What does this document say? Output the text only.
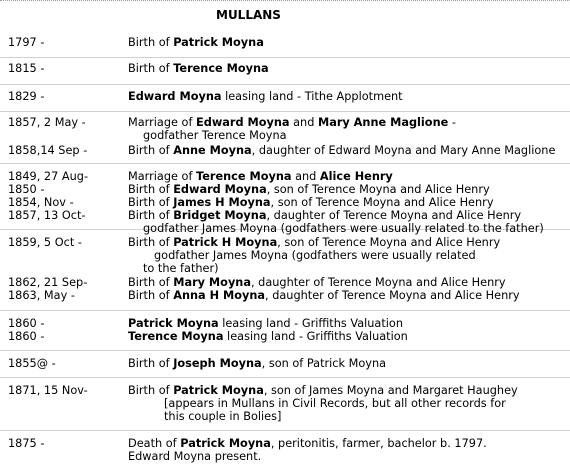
MULLANS
1797 -	Birth of Patrick Moyna
1815 -	Birth of Terence Moyna
1829 -	Edward Moyna leasing land - Tithe Applotment
1857, 2 May -	Marriage of Edward Moyna and Mary Anne Maglione -
godfather Terence Moyna
1858,14 Sep -	Birth of Anne Moyna, daughter of Edward Moyna and Mary Anne Maglione
1849, 27 Aug-	Marriage of Terence Moyna and Alice Henry
1850 -	Birth of Edward Moyna, son of Terence Moyna and Alice Henry
1854, Nov -	Birth of James H Moyna, son of Terence Moyna and Alice Henry
1857, 13 Oct-	Birth of Bridget Moyna, daughter of Terence Moyna and Alice Henry
godfather James Moyna (godfathers were usually related to the father)
1859, 5 Oct -	Birth of Patrick H Moyna, son of Terence Moyna and Alice Henry
godfather James Moyna (godfathers were usually related
to the father)
1862, 21 Sep-	Birth of Mary Moyna, daughter of Terence Moyna and Alice Henry
1863, May -	Birth of Anna H Moyna, daughter of Terence Moyna and Alice Henry
1860 -	Patrick Moyna leasing land - Griffiths Valuation
1860 -	Terence Moyna leasing land - Griffiths Valuation
1855@ -	Birth of Joseph Moyna, son of Patrick Moyna
1871, 15 Nov-	Birth of Patrick Moyna, son of James Moyna and Margaret Haughey
[appears in Mullans in Civil Records, but all other records for
this couple in Bolies]
1875 -	Death of Patrick Moyna, peritonitis, farmer, bachelor b. 1797.
Edward Moyna present.
